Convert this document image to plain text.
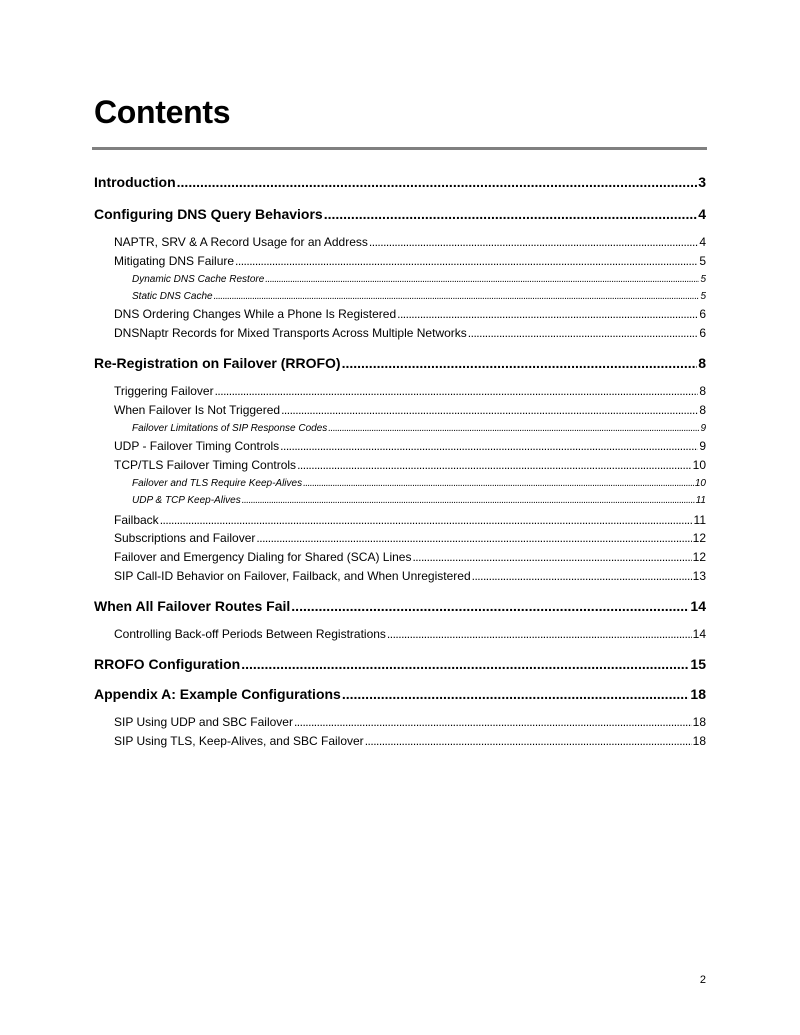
Contents
Introduction .....	3
Configuring DNS Query Behaviors .....	4
NAPTR, SRV & A Record Usage for an Address .....	4
Mitigating DNS Failure .....	5
Dynamic DNS Cache Restore .....	5
Static DNS Cache .....	5
DNS Ordering Changes While a Phone Is Registered .....	6
DNSNaptr Records for Mixed Transports Across Multiple Networks .....	6
Re-Registration on Failover (RROFO) .....	8
Triggering Failover .....	8
When Failover Is Not Triggered .....	8
Failover Limitations of SIP Response Codes .....	9
UDP - Failover Timing Controls .....	9
TCP/TLS Failover Timing Controls .....	10
Failover and TLS Require Keep-Alives .....	10
UDP & TCP Keep-Alives .....	11
Failback .....	11
Subscriptions and Failover .....	12
Failover and Emergency Dialing for Shared (SCA) Lines .....	12
SIP Call-ID Behavior on Failover, Failback, and When Unregistered .....	13
When All Failover Routes Fail .....	14
Controlling Back-off Periods Between Registrations .....	14
RROFO Configuration .....	15
Appendix A: Example Configurations .....	18
SIP Using UDP and SBC Failover .....	18
SIP Using TLS, Keep-Alives, and SBC Failover .....	18
2
